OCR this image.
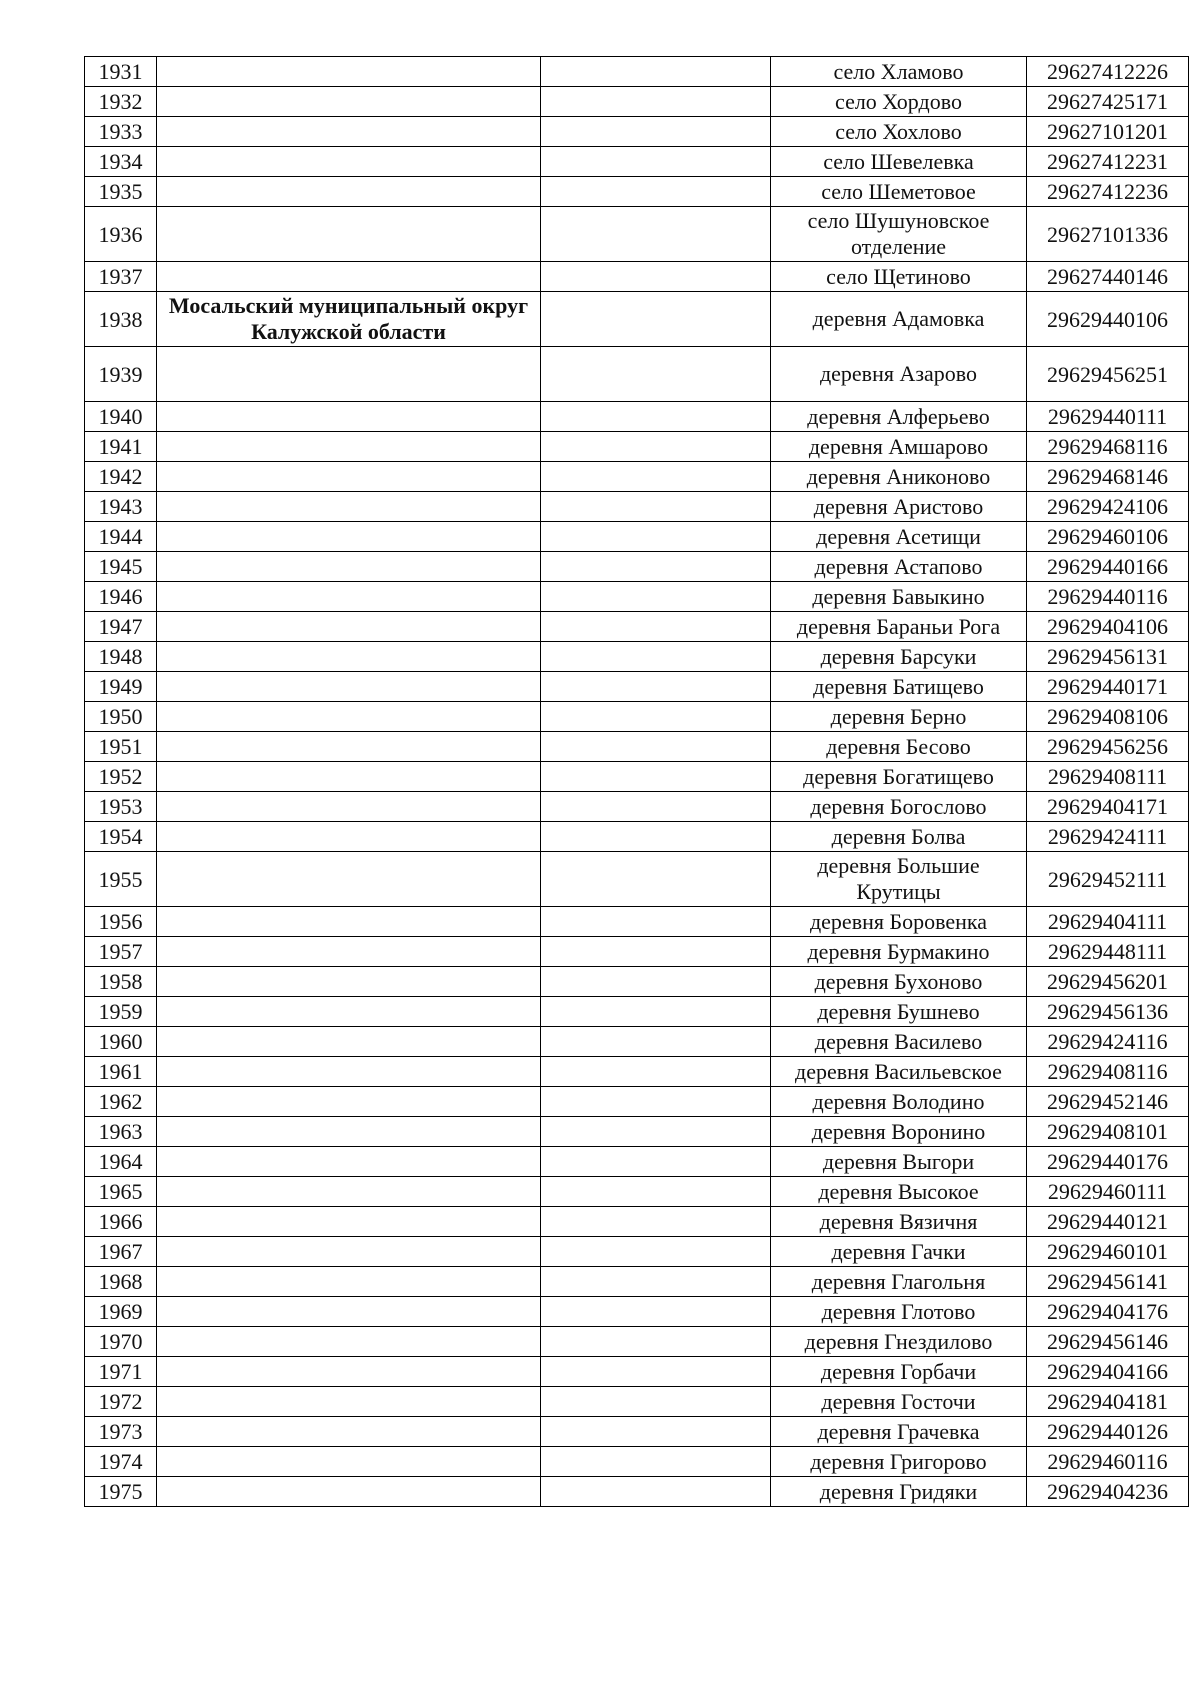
1931			село Хламово	29627412226
1932			село Хордово	29627425171
1933			село Хохлово	29627101201
1934			село Шевелевка	29627412231
1935			село Шеметовое	29627412236
1936			село Шушуновское отделение	29627101336
1937			село Щетиново	29627440146
1938	Мосальский муниципальный округ Калужской области		деревня Адамовка	29629440106
1939			деревня Азарово	29629456251
1940			деревня Алферьево	29629440111
1941			деревня Амшарово	29629468116
1942			деревня Аниконово	29629468146
1943			деревня Аристово	29629424106
1944			деревня Асетищи	29629460106
1945			деревня Астапово	29629440166
1946			деревня Бавыкино	29629440116
1947			деревня Бараньи Рога	29629404106
1948			деревня Барсуки	29629456131
1949			деревня Батищево	29629440171
1950			деревня Берно	29629408106
1951			деревня Бесово	29629456256
1952			деревня Богатищево	29629408111
1953			деревня Богослово	29629404171
1954			деревня Болва	29629424111
1955			деревня Большие Крутицы	29629452111
1956			деревня Боровенка	29629404111
1957			деревня Бурмакино	29629448111
1958			деревня Бухоново	29629456201
1959			деревня Бушнево	29629456136
1960			деревня Василево	29629424116
1961			деревня Васильевское	29629408116
1962			деревня Володино	29629452146
1963			деревня Воронино	29629408101
1964			деревня Выгори	29629440176
1965			деревня Высокое	29629460111
1966			деревня Вязичня	29629440121
1967			деревня Гачки	29629460101
1968			деревня Глагольня	29629456141
1969			деревня Глотово	29629404176
1970			деревня Гнездилово	29629456146
1971			деревня Горбачи	29629404166
1972			деревня Госточи	29629404181
1973			деревня Грачевка	29629440126
1974			деревня Григорово	29629460116
1975			деревня Гридяки	29629404236
